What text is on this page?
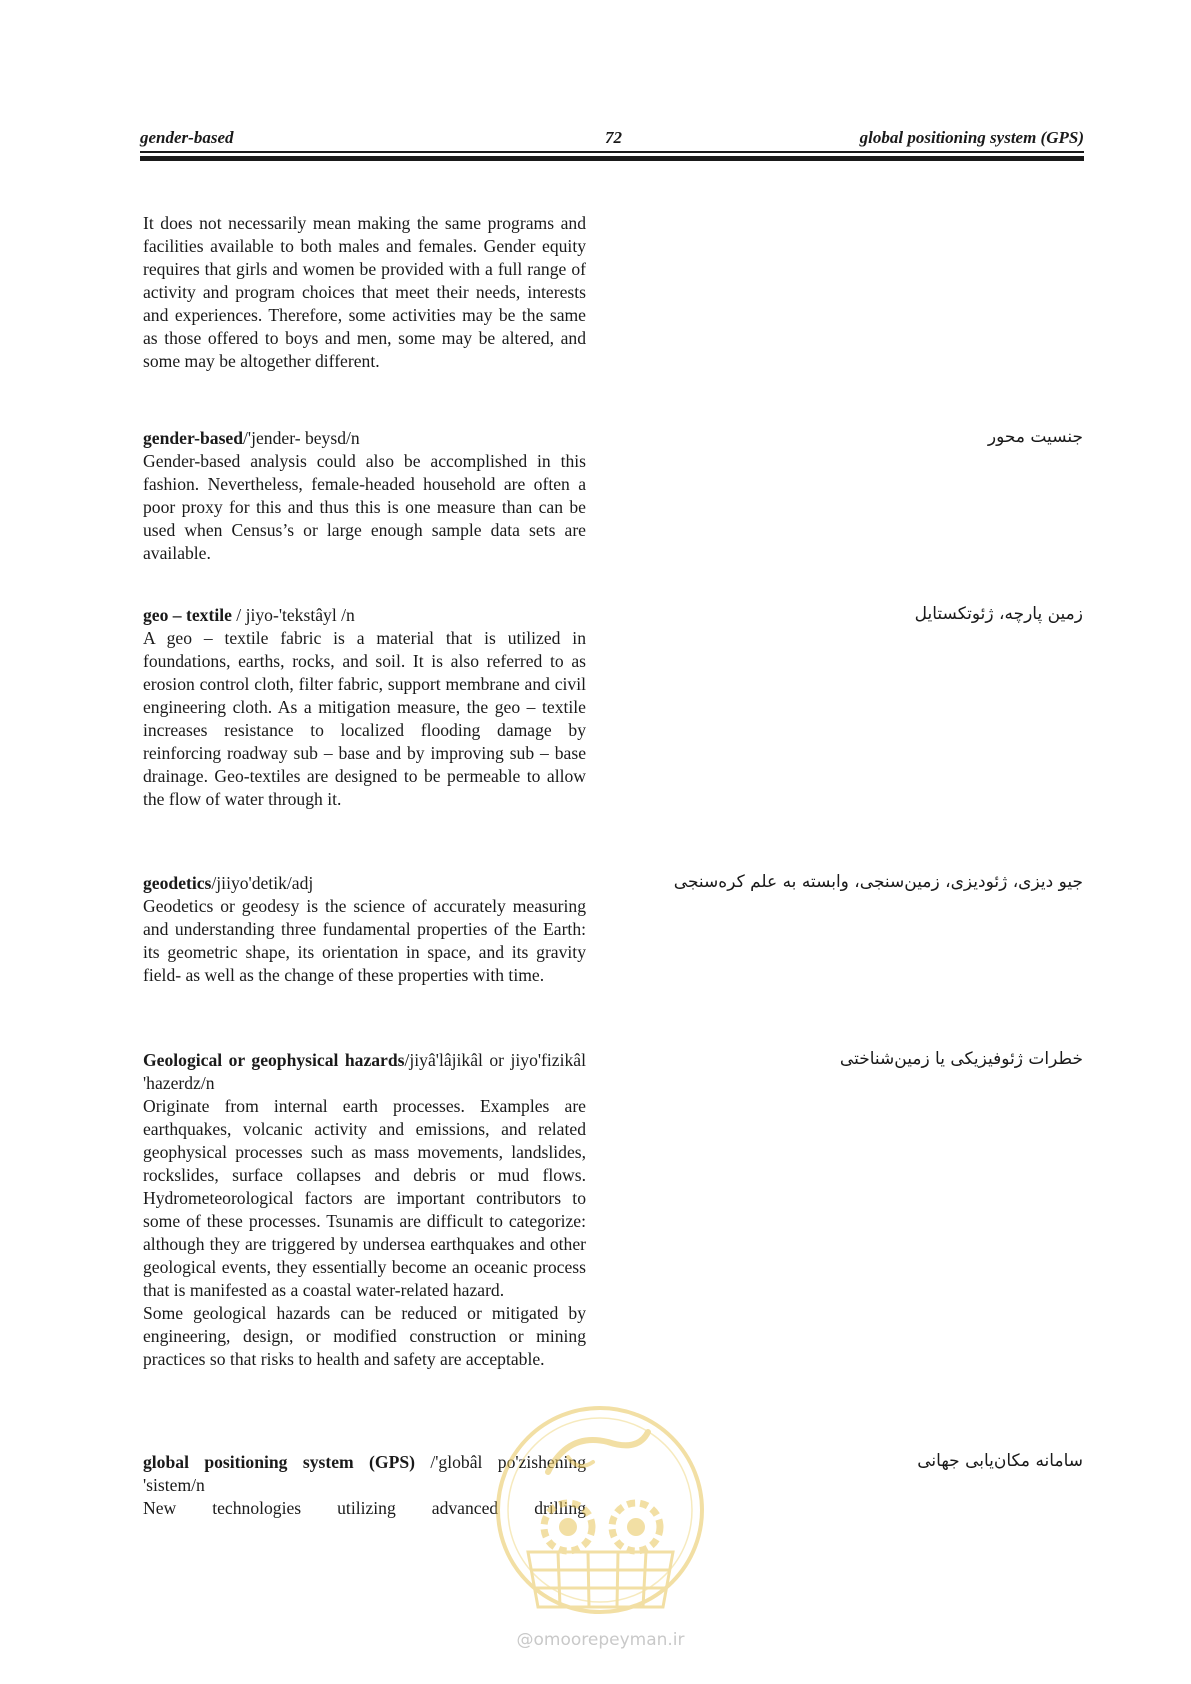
gender-based	72	global positioning system (GPS)

It does not necessarily mean making the same programs and facilities available to both males and females. Gender equity requires that girls and women be provided with a full range of activity and program choices that meet their needs, interests and experiences. Therefore, some activities may be the same as those offered to boys and men, some may be altered, and some may be altogether different.

gender-based/'jender- beysd/n

Gender-based analysis could also be accomplished in this fashion. Nevertheless, female-headed household are often a poor proxy for this and thus this is one measure than can be used when Census’s or large enough sample data sets are available.

جنسیت محور

geo – textile / jiyo-'tekstâyl /n

A geo – textile fabric is a material that is utilized in foundations, earths, rocks, and soil. It is also referred to as erosion control cloth, filter fabric, support membrane and civil engineering cloth. As a mitigation measure, the geo – textile increases resistance to localized flooding damage by reinforcing roadway sub – base and by improving sub – base drainage. Geo-textiles are designed to be permeable to allow the flow of water through it.

زمین پارچه، ژئوتکستایل

geodetics/jiiyo'detik/adj

Geodetics or geodesy is the science of accurately measuring and understanding three fundamental properties of the Earth: its geometric shape, its orientation in space, and its gravity field- as well as the change of these properties with time.

جیو دیزی، ژئودیزی، زمین‌سنجی، وابسته به علم کره‌سنجی

Geological or geophysical hazards/jiyâ'lâjikâl or jiyo'fizikâl 'hazerdz/n

Originate from internal earth processes. Examples are earthquakes, volcanic activity and emissions, and related geophysical processes such as mass movements, landslides, rockslides, surface collapses and debris or mud flows. Hydrometeorological factors are important contributors to some of these processes. Tsunamis are difficult to categorize: although they are triggered by undersea earthquakes and other geological events, they essentially become an oceanic process that is manifested as a coastal water-related hazard.

Some geological hazards can be reduced or mitigated by engineering, design, or modified construction or mining practices so that risks to health and safety are acceptable.

خطرات ژئوفیزیکی یا زمین‌شناختی

global positioning system (GPS) /'globâl po'zishening 'sistem/n

New technologies utilizing advanced drilling

سامانه مکان‌یابی جهانی
@omoorepeyman.ir
